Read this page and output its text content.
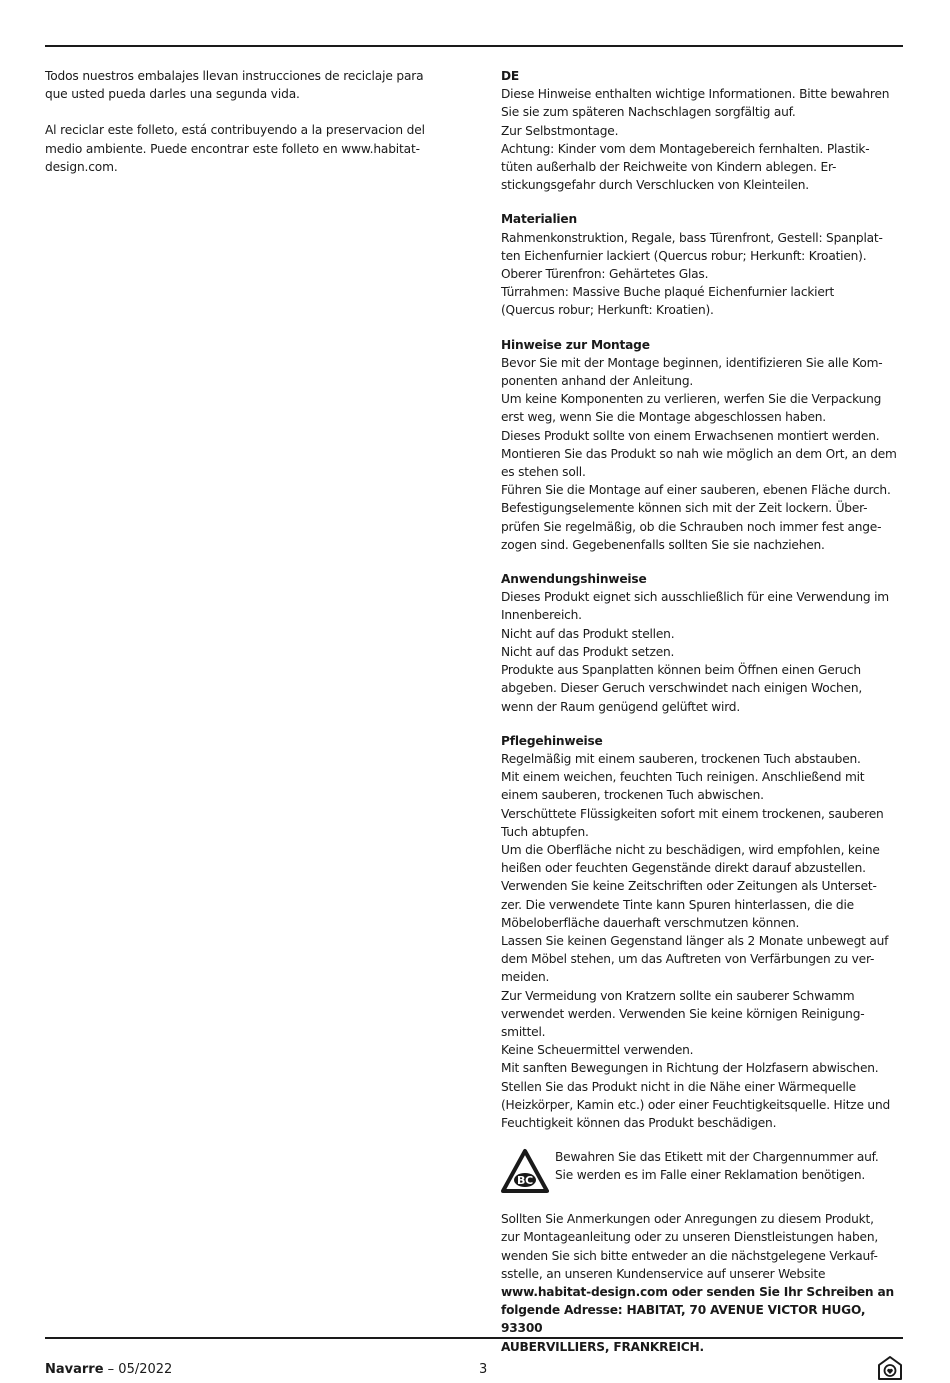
Todos nuestros embalajes llevan instrucciones de reciclaje para que usted pueda darles una segunda vida.

Al reciclar este folleto, está contribuyendo a la preservacion del medio ambiente. Puede encontrar este folleto en www.habitat-design.com.

DE
Diese Hinweise enthalten wichtige Informationen. Bitte bewahren
Sie sie zum späteren Nachschlagen sorgfältig auf.
Zur Selbstmontage.
Achtung: Kinder vom dem Montagebereich fernhalten. Plastik-
tüten außerhalb der Reichweite von Kindern ablegen. Er-
stickungsgefahr durch Verschlucken von Kleinteilen.
Materialien
Rahmenkonstruktion, Regale, bass Türenfront, Gestell: Spanplat-
ten Eichenfurnier lackiert (Quercus robur; Herkunft: Kroatien).
Oberer Türenfron: Gehärtetes Glas.
Türrahmen: Massive Buche plaqué Eichenfurnier lackiert
(Quercus robur; Herkunft: Kroatien).
Hinweise zur Montage
Bevor Sie mit der Montage beginnen, identifizieren Sie alle Kom-
ponenten anhand der Anleitung.
Um keine Komponenten zu verlieren, werfen Sie die Verpackung
erst weg, wenn Sie die Montage abgeschlossen haben.
Dieses Produkt sollte von einem Erwachsenen montiert werden.
Montieren Sie das Produkt so nah wie möglich an dem Ort, an dem
es stehen soll.
Führen Sie die Montage auf einer sauberen, ebenen Fläche durch.
Befestigungselemente können sich mit der Zeit lockern. Über-
prüfen Sie regelmäßig, ob die Schrauben noch immer fest ange-
zogen sind. Gegebenenfalls sollten Sie sie nachziehen.
Anwendungshinweise
Dieses Produkt eignet sich ausschließlich für eine Verwendung im
Innenbereich.
Nicht auf das Produkt stellen.
Nicht auf das Produkt setzen.
Produkte aus Spanplatten können beim Öffnen einen Geruch
abgeben. Dieser Geruch verschwindet nach einigen Wochen,
wenn der Raum genügend gelüftet wird.
Pflegehinweise
Regelmäßig mit einem sauberen, trockenen Tuch abstauben.
Mit einem weichen, feuchten Tuch reinigen. Anschließend mit
einem sauberen, trockenen Tuch abwischen.
Verschüttete Flüssigkeiten sofort mit einem trockenen, sauberen
Tuch abtupfen.
Um die Oberfläche nicht zu beschädigen, wird empfohlen, keine
heißen oder feuchten Gegenstände direkt darauf abzustellen.
Verwenden Sie keine Zeitschriften oder Zeitungen als Unterset-
zer. Die verwendete Tinte kann Spuren hinterlassen, die die
Möbeloberfläche dauerhaft verschmutzen können.
Lassen Sie keinen Gegenstand länger als 2 Monate unbewegt auf
dem Möbel stehen, um das Auftreten von Verfärbungen zu ver-
meiden.
Zur Vermeidung von Kratzern sollte ein sauberer Schwamm
verwendet werden. Verwenden Sie keine körnigen Reinigung-
smittel.
Keine Scheuermittel verwenden.
Mit sanften Bewegungen in Richtung der Holzfasern abwischen.
Stellen Sie das Produkt nicht in die Nähe einer Wärmequelle
(Heizkörper, Kamin etc.) oder einer Feuchtigkeitsquelle. Hitze und
Feuchtigkeit können das Produkt beschädigen.
BC
Bewahren Sie das Etikett mit der Chargennummer auf.
Sie werden es im Falle einer Reklamation benötigen.
Sollten Sie Anmerkungen oder Anregungen zu diesem Produkt,
zur Montageanleitung oder zu unseren Dienstleistungen haben,
wenden Sie sich bitte entweder an die nächstgelegene Verkauf-
sstelle, an unseren Kundenservice auf unserer Website
www.habitat-design.com oder senden Sie Ihr Schreiben an
folgende Adresse: HABITAT, 70 AVENUE VICTOR HUGO, 93300
AUBERVILLIERS, FRANKREICH.
Navarre – 05/2022	3
